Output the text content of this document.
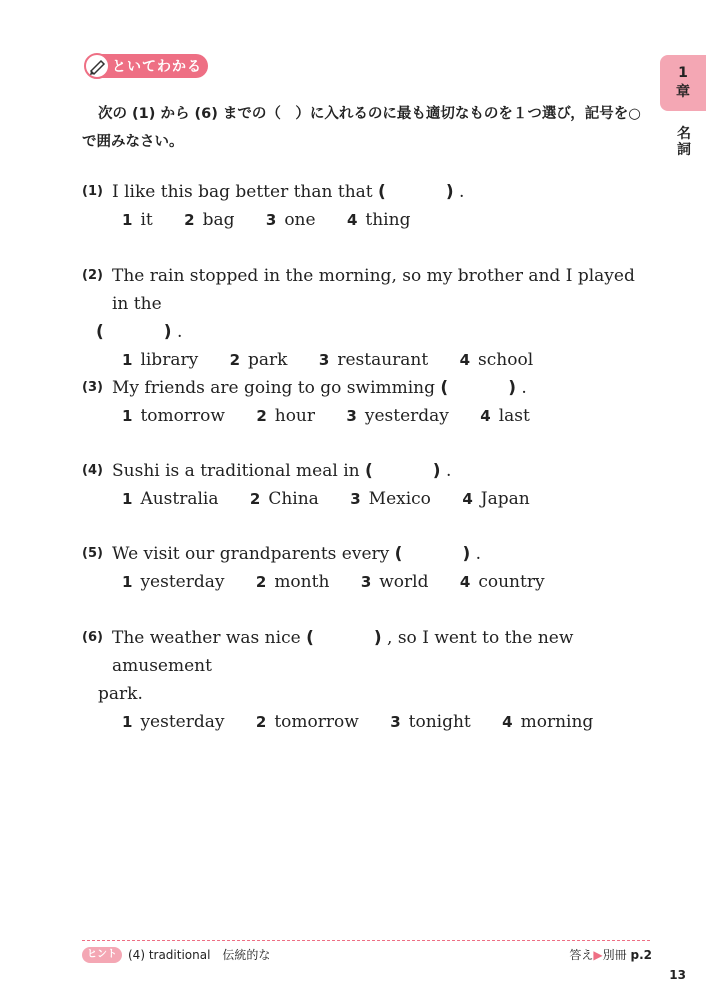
といてわかる	1
章
名詞
次の (1) から (6) までの（　）に入れるのに最も適切なものを１つ選び，記号を○で囲みなさい。
(1) I like this bag better than that (	) .
1 it 2 bag 3 one 4 thing
(2) The rain stopped in the morning, so my brother and I played in the
(	) .
1 library 2 park 3 restaurant 4 school
(3) My friends are going to go swimming (	) .
1 tomorrow 2 hour 3 yesterday 4 last
(4) Sushi is a traditional meal in (	) .
1 Australia 2 China 3 Mexico 4 Japan
(5) We visit our grandparents every (	) .
1 yesterday 2 month 3 world 4 country
(6) The weather was nice (	) , so I went to the new amusement
park.
1 yesterday 2 tomorrow 3 tonight 4 morning
ヒント (4) traditional　伝統的な	答え▶別冊 p.2
13
